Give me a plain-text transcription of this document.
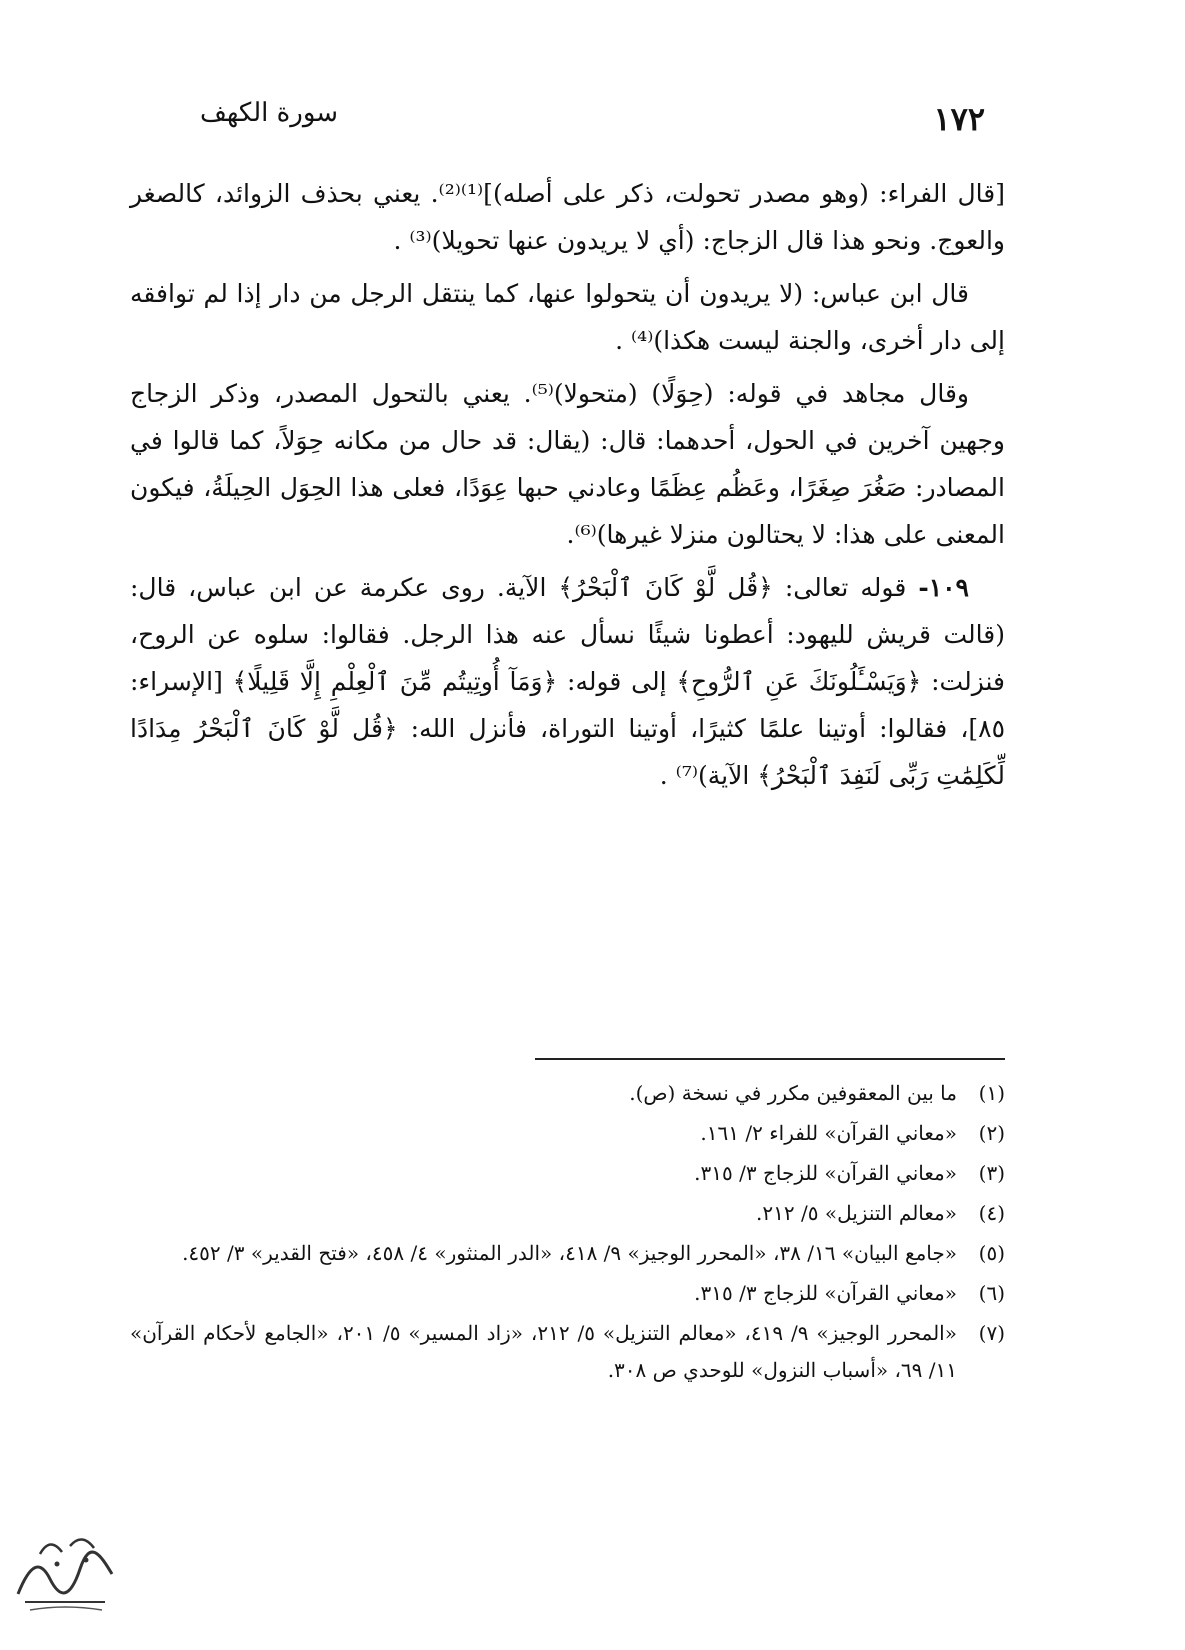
١٧٢
سورة الكهف

[قال الفراء: (وهو مصدر تحولت، ذكر على أصله)]⁽¹⁾⁽²⁾. يعني بحذف الزوائد، كالصغر والعوج. ونحو هذا قال الزجاج: (أي لا يريدون عنها تحويلا)⁽³⁾ .

قال ابن عباس: (لا يريدون أن يتحولوا عنها، كما ينتقل الرجل من دار إذا لم توافقه إلى دار أخرى، والجنة ليست هكذا)⁽⁴⁾ .

وقال مجاهد في قوله: (حِوَلًا) (متحولا)⁽⁵⁾. يعني بالتحول المصدر، وذكر الزجاج وجهين آخرين في الحول، أحدهما: قال: (يقال: قد حال من مكانه حِوَلاً، كما قالوا في المصادر: صَغُرَ صِغَرًا، وعَظُم عِظَمًا وعادني حبها عِوَدًا، فعلى هذا الحِوَل الحِيلَةُ، فيكون المعنى على هذا: لا يحتالون منزلا غيرها)⁽⁶⁾.

١٠٩- قوله تعالى: ﴿قُل لَّوْ كَانَ ٱلْبَحْرُ﴾ الآية. روى عكرمة عن ابن عباس، قال: (قالت قريش لليهود: أعطونا شيئًا نسأل عنه هذا الرجل. فقالوا: سلوه عن الروح، فنزلت: ﴿وَيَسْـَٔلُونَكَ عَنِ ٱلرُّوحِ﴾ إلى قوله: ﴿وَمَآ أُوتِيتُم مِّنَ ٱلْعِلْمِ إِلَّا قَلِيلًا﴾ [الإسراء: ٨٥]، فقالوا: أوتينا علمًا كثيرًا، أوتينا التوراة، فأنزل الله: ﴿قُل لَّوْ كَانَ ٱلْبَحْرُ مِدَادًا لِّكَلِمَٰتِ رَبِّى لَنَفِدَ ٱلْبَحْرُ﴾ الآية)⁽⁷⁾ .

(١)
ما بين المعقوفين مكرر في نسخة (ص).
(٢)
«معاني القرآن» للفراء ٢/ ١٦١.
(٣)
«معاني القرآن» للزجاج ٣/ ٣١٥.
(٤)
«معالم التنزيل» ٥/ ٢١٢.
(٥)
«جامع البيان» ١٦/ ٣٨، «المحرر الوجيز» ٩/ ٤١٨، «الدر المنثور» ٤/ ٤٥٨، «فتح القدير» ٣/ ٤٥٢.
(٦)
«معاني القرآن» للزجاج ٣/ ٣١٥.
(٧)
«المحرر الوجيز» ٩/ ٤١٩، «معالم التنزيل» ٥/ ٢١٢، «زاد المسير» ٥/ ٢٠١، «الجامع لأحكام القرآن» ١١/ ٦٩، «أسباب النزول» للوحدي ص ٣٠٨.
